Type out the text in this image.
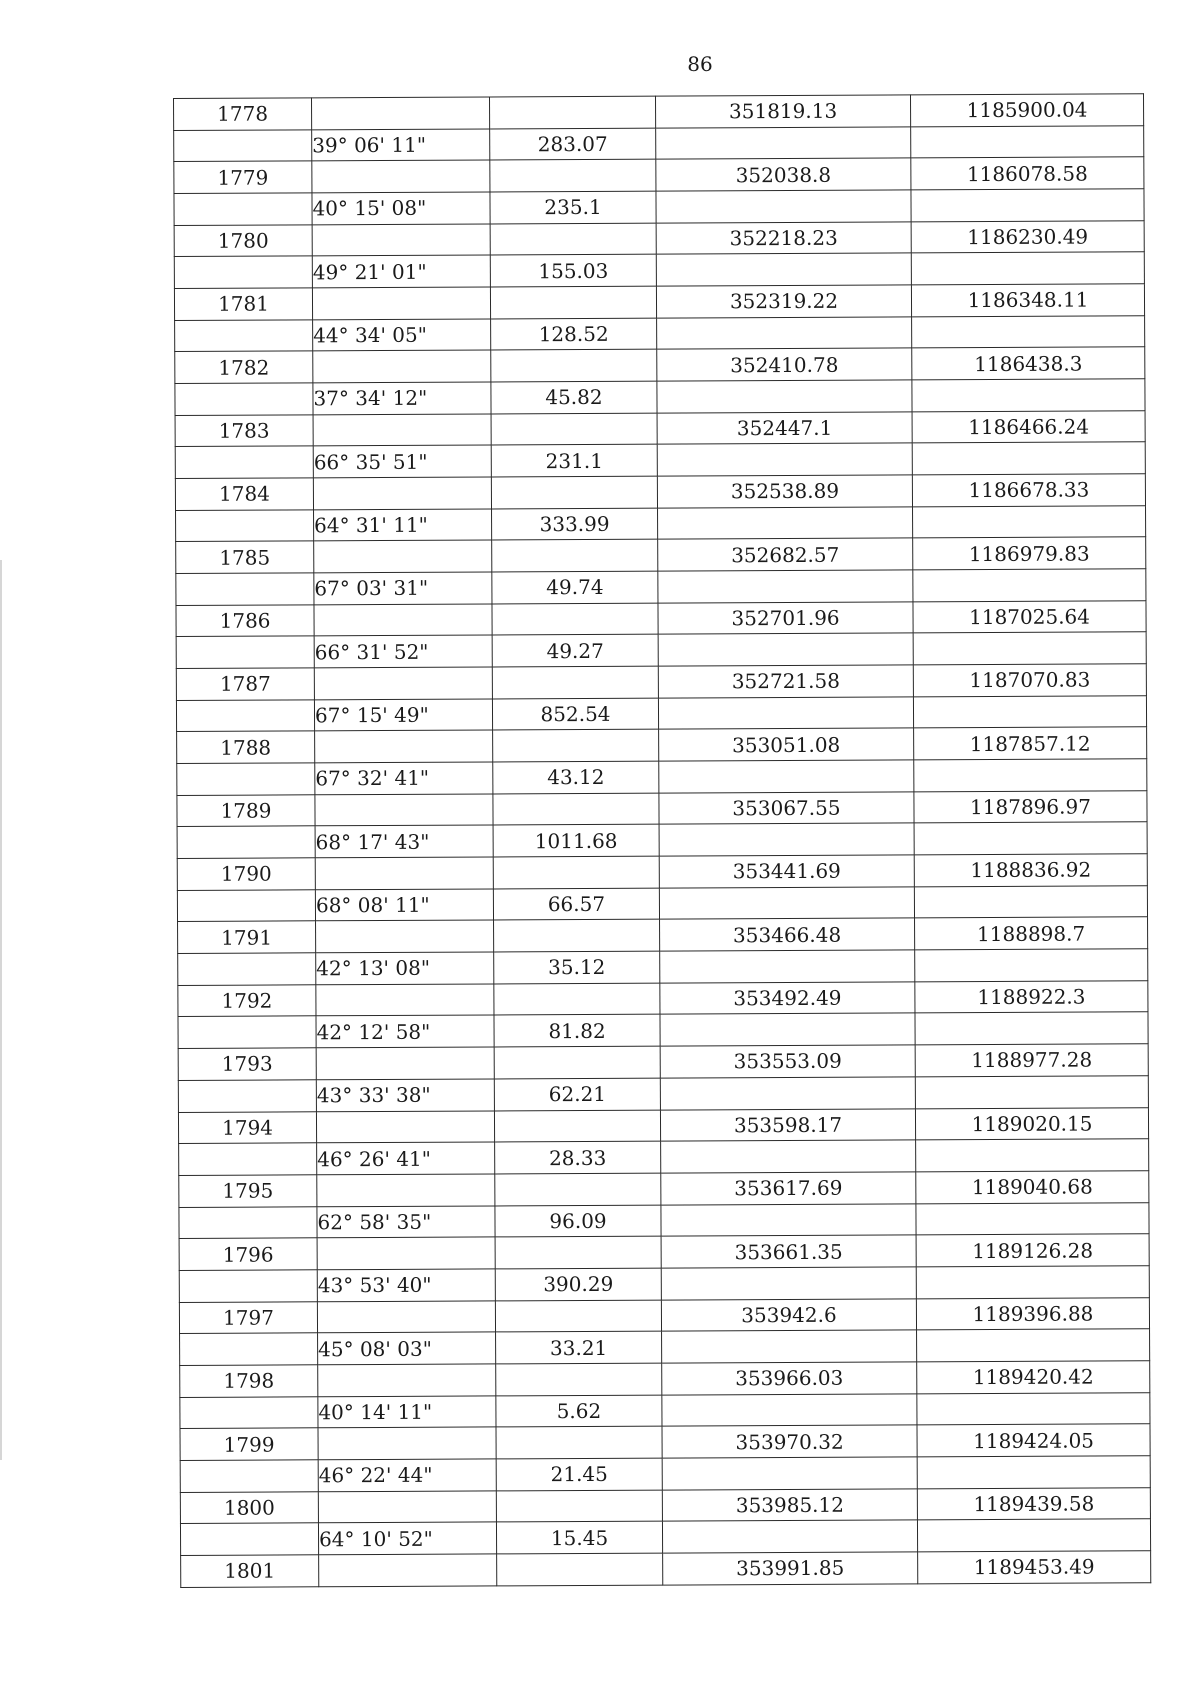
86
1778			351819.13	1185900.04
	39° 06' 11"	283.07		
1779			352038.8	1186078.58
	40° 15' 08"	235.1		
1780			352218.23	1186230.49
	49° 21' 01"	155.03		
1781			352319.22	1186348.11
	44° 34' 05"	128.52		
1782			352410.78	1186438.3
	37° 34' 12"	45.82		
1783			352447.1	1186466.24
	66° 35' 51"	231.1		
1784			352538.89	1186678.33
	64° 31' 11"	333.99		
1785			352682.57	1186979.83
	67° 03' 31"	49.74		
1786			352701.96	1187025.64
	66° 31' 52"	49.27		
1787			352721.58	1187070.83
	67° 15' 49"	852.54		
1788			353051.08	1187857.12
	67° 32' 41"	43.12		
1789			353067.55	1187896.97
	68° 17' 43"	1011.68		
1790			353441.69	1188836.92
	68° 08' 11"	66.57		
1791			353466.48	1188898.7
	42° 13' 08"	35.12		
1792			353492.49	1188922.3
	42° 12' 58"	81.82		
1793			353553.09	1188977.28
	43° 33' 38"	62.21		
1794			353598.17	1189020.15
	46° 26' 41"	28.33		
1795			353617.69	1189040.68
	62° 58' 35"	96.09		
1796			353661.35	1189126.28
	43° 53' 40"	390.29		
1797			353942.6	1189396.88
	45° 08' 03"	33.21		
1798			353966.03	1189420.42
	40° 14' 11"	5.62		
1799			353970.32	1189424.05
	46° 22' 44"	21.45		
1800			353985.12	1189439.58
	64° 10' 52"	15.45		
1801			353991.85	1189453.49
